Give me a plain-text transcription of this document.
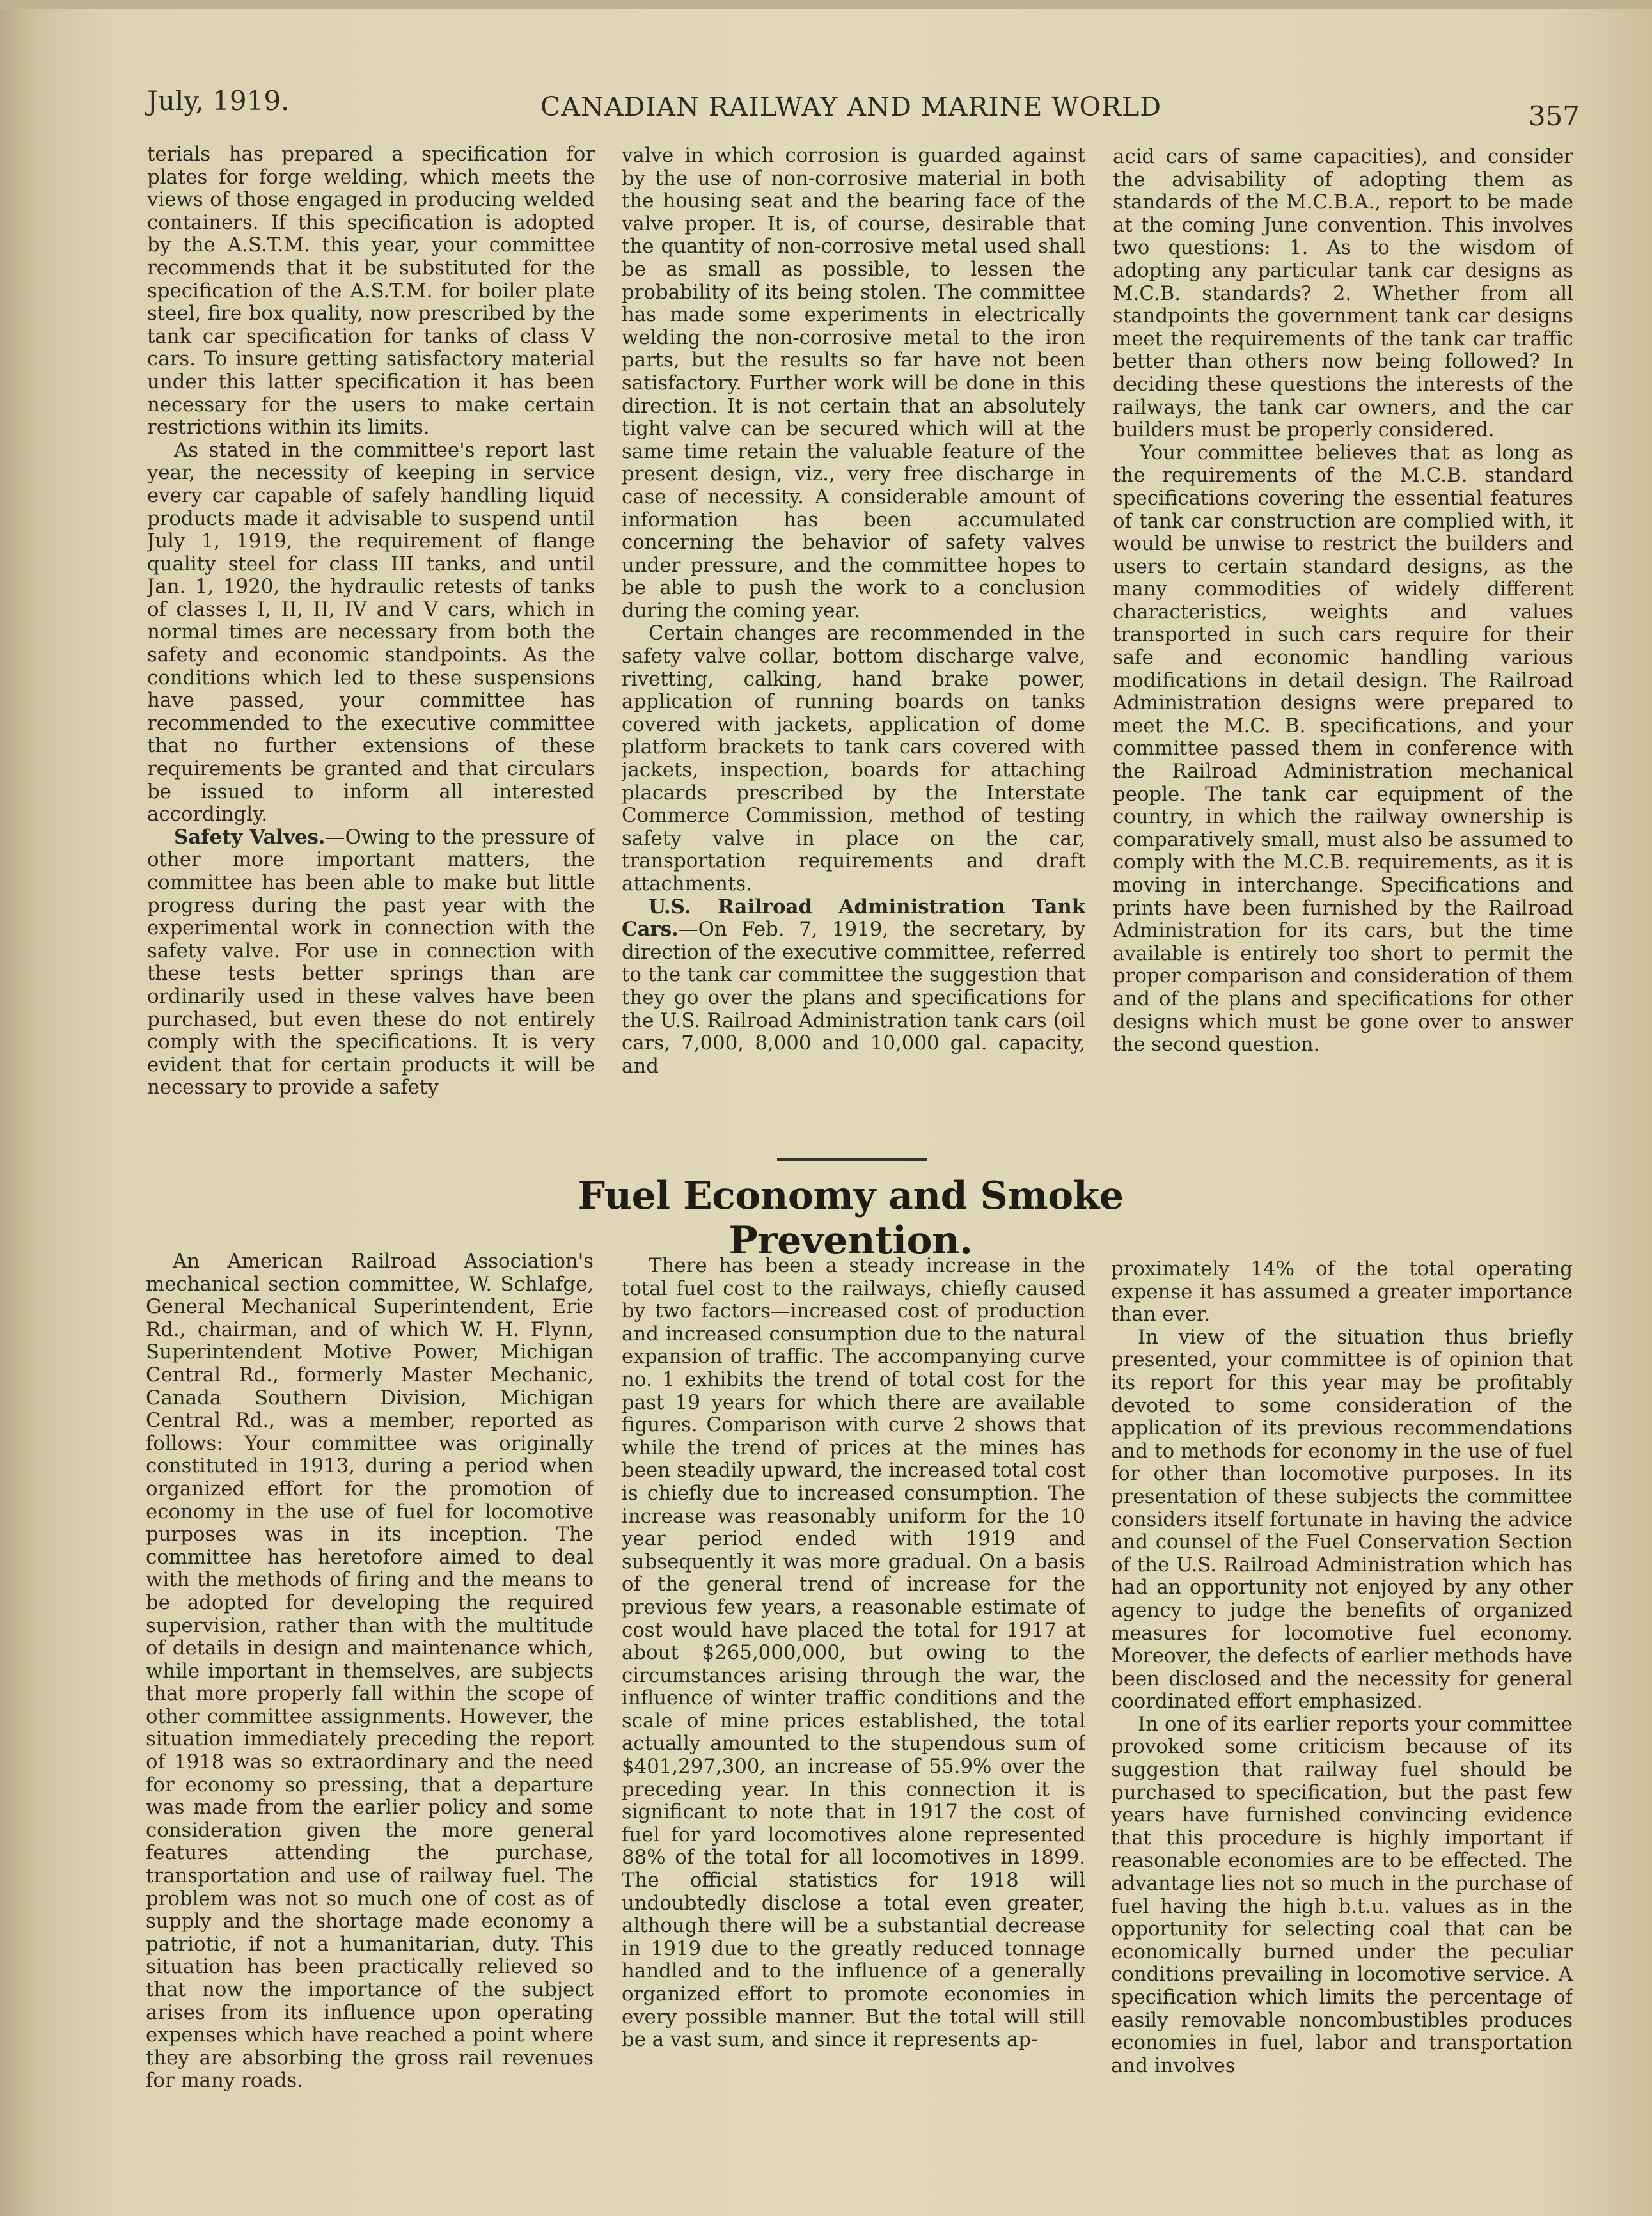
July, 1919.	CANADIAN RAILWAY AND MARINE WORLD	357

terials has prepared a specification for plates for forge welding, which meets the views of those engaged in producing welded containers. If this specification is adopted by the A.S.T.M. this year, your committee recommends that it be substituted for the specification of the A.S.T.M. for boiler plate steel, fire box quality, now prescribed by the tank car specification for tanks of class V cars. To insure getting satisfactory material under this latter specification it has been necessary for the users to make certain restrictions within its limits.

As stated in the committee's report last year, the necessity of keeping in service every car capable of safely handling liquid products made it advisable to suspend until July 1, 1919, the requirement of flange quality steel for class III tanks, and until Jan. 1, 1920, the hydraulic retests of tanks of classes I, II, II, IV and V cars, which in normal times are necessary from both the safety and economic standpoints. As the conditions which led to these suspensions have passed, your committee has recommended to the executive committee that no further extensions of these requirements be granted and that circulars be issued to inform all interested accordingly.

Safety Valves.—Owing to the pressure of other more important matters, the committee has been able to make but little progress during the past year with the experimental work in connection with the safety valve. For use in connection with these tests better springs than are ordinarily used in these valves have been purchased, but even these do not entirely comply with the specifications. It is very evident that for certain products it will be necessary to provide a safety

valve in which corrosion is guarded against by the use of non-corrosive material in both the housing seat and the bearing face of the valve proper. It is, of course, desirable that the quantity of non-corrosive metal used shall be as small as possible, to lessen the probability of its being stolen. The committee has made some experiments in electrically welding the non-corrosive metal to the iron parts, but the results so far have not been satisfactory. Further work will be done in this direction. It is not certain that an absolutely tight valve can be secured which will at the same time retain the valuable feature of the present design, viz., very free discharge in case of necessity. A considerable amount of information has been accumulated concerning the behavior of safety valves under pressure, and the committee hopes to be able to push the work to a conclusion during the coming year.

Certain changes are recommended in the safety valve collar, bottom discharge valve, rivetting, calking, hand brake power, application of running boards on tanks covered with jackets, application of dome platform brackets to tank cars covered with jackets, inspection, boards for attaching placards prescribed by the Interstate Commerce Commission, method of testing safety valve in place on the car, transportation requirements and draft attachments.

U.S. Railroad Administration Tank Cars.—On Feb. 7, 1919, the secretary, by direction of the executive committee, referred to the tank car committee the suggestion that they go over the plans and specifications for the U.S. Railroad Administration tank cars (oil cars, 7,000, 8,000 and 10,000 gal. capacity, and

acid cars of same capacities), and consider the advisability of adopting them as standards of the M.C.B.A., report to be made at the coming June convention. This involves two questions: 1. As to the wisdom of adopting any particular tank car designs as M.C.B. standards? 2. Whether from all standpoints the government tank car designs meet the requirements of the tank car traffic better than others now being followed? In deciding these questions the interests of the railways, the tank car owners, and the car builders must be properly considered.

Your committee believes that as long as the requirements of the M.C.B. standard specifications covering the essential features of tank car construction are complied with, it would be unwise to restrict the builders and users to certain standard designs, as the many commodities of widely different characteristics, weights and values transported in such cars require for their safe and economic handling various modifications in detail design. The Railroad Administration designs were prepared to meet the M.C. B. specifications, and your committee passed them in conference with the Railroad Administration mechanical people. The tank car equipment of the country, in which the railway ownership is comparatively small, must also be assumed to comply with the M.C.B. requirements, as it is moving in interchange. Specifications and prints have been furnished by the Railroad Administration for its cars, but the time available is entirely too short to permit the proper comparison and consideration of them and of the plans and specifications for other designs which must be gone over to answer the second question.

Fuel Economy and Smoke Prevention.

An American Railroad Association's mechanical section committee, W. Schlafge, General Mechanical Superintendent, Erie Rd., chairman, and of which W. H. Flynn, Superintendent Motive Power, Michigan Central Rd., formerly Master Mechanic, Canada Southern Division, Michigan Central Rd., was a member, reported as follows: Your committee was originally constituted in 1913, during a period when organized effort for the promotion of economy in the use of fuel for locomotive purposes was in its inception. The committee has heretofore aimed to deal with the methods of firing and the means to be adopted for developing the required supervision, rather than with the multitude of details in design and maintenance which, while important in themselves, are subjects that more properly fall within the scope of other committee assignments. However, the situation immediately preceding the report of 1918 was so extraordinary and the need for economy so pressing, that a departure was made from the earlier policy and some consideration given the more general features attending the purchase, transportation and use of railway fuel. The problem was not so much one of cost as of supply and the shortage made economy a patriotic, if not a humanitarian, duty. This situation has been practically relieved so that now the importance of the subject arises from its influence upon operating expenses which have reached a point where they are absorbing the gross rail revenues for many roads.

There has been a steady increase in the total fuel cost to the railways, chiefly caused by two factors—increased cost of production and increased consumption due to the natural expansion of traffic. The accompanying curve no. 1 exhibits the trend of total cost for the past 19 years for which there are available figures. Comparison with curve 2 shows that while the trend of prices at the mines has been steadily upward, the increased total cost is chiefly due to increased consumption. The increase was reasonably uniform for the 10 year period ended with 1919 and subsequently it was more gradual. On a basis of the general trend of increase for the previous few years, a reasonable estimate of cost would have placed the total for 1917 at about $265,000,000, but owing to the circumstances arising through the war, the influence of winter traffic conditions and the scale of mine prices established, the total actually amounted to the stupendous sum of $401,297,300, an increase of 55.9% over the preceding year. In this connection it is significant to note that in 1917 the cost of fuel for yard locomotives alone represented 88% of the total for all locomotives in 1899. The official statistics for 1918 will undoubtedly disclose a total even greater, although there will be a substantial decrease in 1919 due to the greatly reduced tonnage handled and to the influence of a generally organized effort to promote economies in every possible manner. But the total will still be a vast sum, and since it represents ap-

proximately 14% of the total operating expense it has assumed a greater importance than ever.

In view of the situation thus briefly presented, your committee is of opinion that its report for this year may be profitably devoted to some consideration of the application of its previous recommendations and to methods for economy in the use of fuel for other than locomotive purposes. In its presentation of these subjects the committee considers itself fortunate in having the advice and counsel of the Fuel Conservation Section of the U.S. Railroad Administration which has had an opportunity not enjoyed by any other agency to judge the benefits of organized measures for locomotive fuel economy. Moreover, the defects of earlier methods have been disclosed and the necessity for general coordinated effort emphasized.

In one of its earlier reports your committee provoked some criticism because of its suggestion that railway fuel should be purchased to specification, but the past few years have furnished convincing evidence that this procedure is highly important if reasonable economies are to be effected. The advantage lies not so much in the purchase of fuel having the high b.t.u. values as in the opportunity for selecting coal that can be economically burned under the peculiar conditions prevailing in locomotive service. A specification which limits the percentage of easily removable noncombustibles produces economies in fuel, labor and transportation and involves
